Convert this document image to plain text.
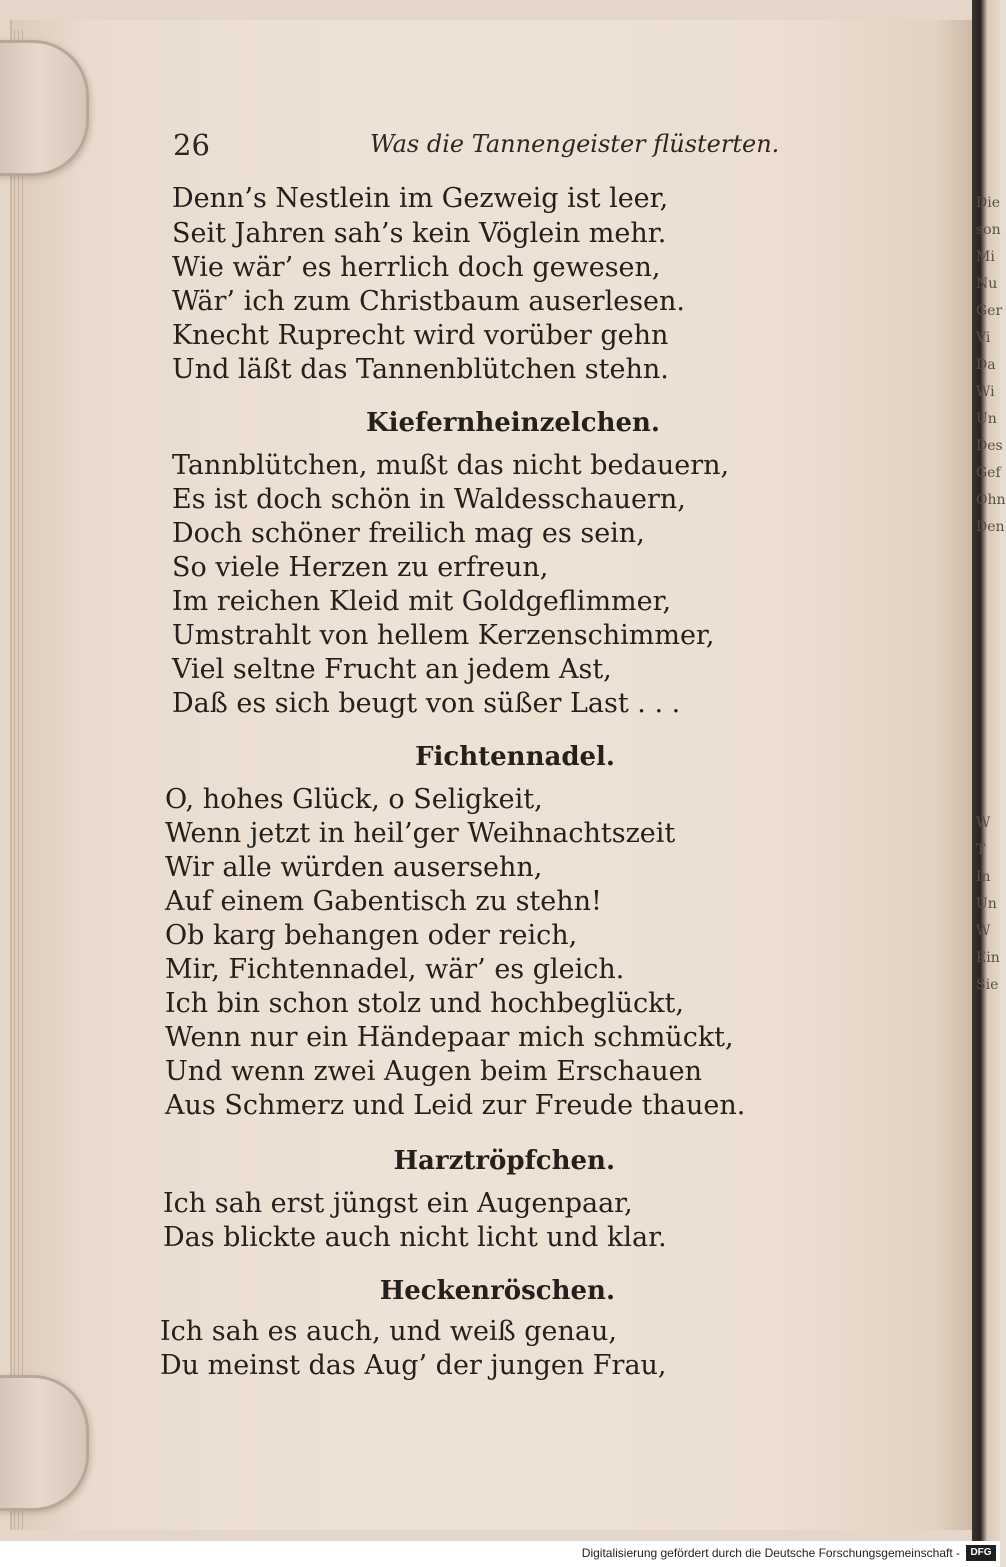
Die
son
Mi
Nu
Ger
Vi
Da
Wi
Un
Des
Gef
Ohn
Den
W
T
In
Un
W
Ein
Sie
26	Was die Tannengeister flüsterten.
Denn’s Nestlein im Gezweig ist leer,
Seit Jahren sah’s kein Vöglein mehr.
Wie wär’ es herrlich doch gewesen,
Wär’ ich zum Christbaum auserlesen.
Knecht Ruprecht wird vorüber gehn
Und läßt das Tannenblütchen stehn.
Kiefernheinzelchen.
Tannblütchen, mußt das nicht bedauern,
Es ist doch schön in Waldesschauern,
Doch schöner freilich mag es sein,
So viele Herzen zu erfreun,
Im reichen Kleid mit Goldgeflimmer,
Umstrahlt von hellem Kerzenschimmer,
Viel seltne Frucht an jedem Ast,
Daß es sich beugt von süßer Last . . .
Fichtennadel.
O, hohes Glück, o Seligkeit,
Wenn jetzt in heil’ger Weihnachtszeit
Wir alle würden ausersehn,
Auf einem Gabentisch zu stehn!
Ob karg behangen oder reich,
Mir, Fichtennadel, wär’ es gleich.
Ich bin schon stolz und hochbeglückt,
Wenn nur ein Händepaar mich schmückt,
Und wenn zwei Augen beim Erschauen
Aus Schmerz und Leid zur Freude thauen.
Harztröpfchen.
Ich sah erst jüngst ein Augenpaar,
Das blickte auch nicht licht und klar.
Heckenröschen.
Ich sah es auch, und weiß genau,
Du meinst das Aug’ der jungen Frau,
Digitalisierung gefördert durch die Deutsche Forschungsgemeinschaft -	DFG
